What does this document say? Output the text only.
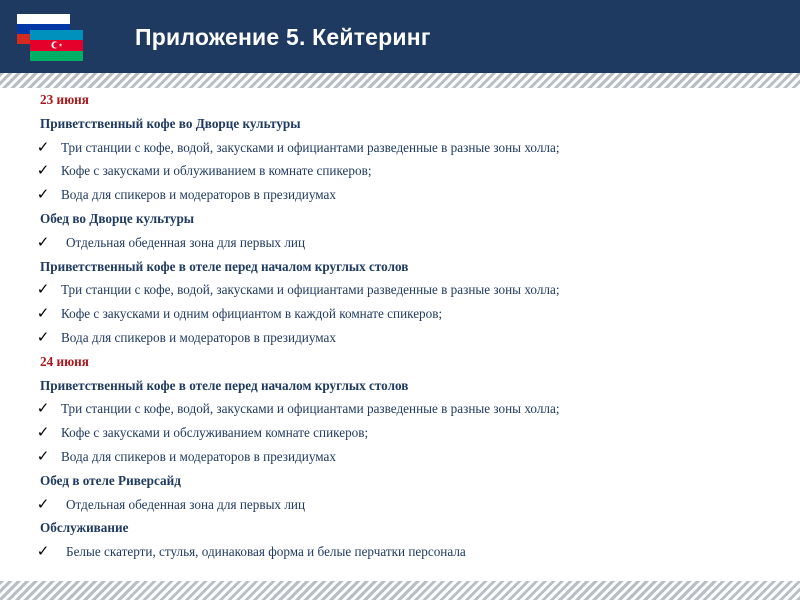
Приложение 5. Кейтеринг
23 июня
Приветственный кофе во Дворце культуры
✓ Три станции с кофе, водой, закусками и официантами разведенные в разные зоны холла;
✓ Кофе с закусками и облуживанием в комнате спикеров;
✓ Вода для спикеров и модераторов в президиумах
Обед во Дворце культуры
✓ Отдельная обеденная зона для первых лиц
Приветственный кофе в отеле перед началом круглых столов
✓ Три станции с кофе, водой, закусками и официантами разведенные в разные зоны холла;
✓ Кофе с закусками и одним официантом в каждой комнате спикеров;
✓ Вода для спикеров и модераторов в президиумах
24 июня
Приветственный кофе в отеле перед началом круглых столов
✓ Три станции с кофе, водой, закусками и официантами разведенные в разные зоны холла;
✓ Кофе с закусками и обслуживанием комнате спикеров;
✓ Вода для спикеров и модераторов в президиумах
Обед в отеле Риверсайд
✓ Отдельная обеденная зона для первых лиц
Обслуживание
✓ Белые скатерти, стулья, одинаковая форма и белые перчатки персонала
